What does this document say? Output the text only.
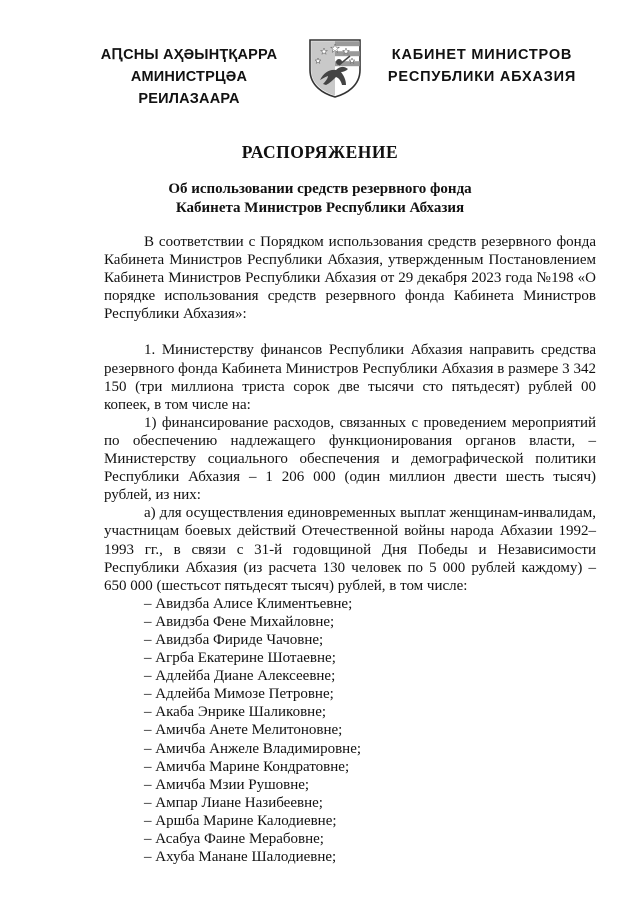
АԤСНЫ АҲӘЫНҬҚАРРА
АМИНИСТРЦӘА РЕИЛАЗААРА
КАБИНЕТ МИНИСТРОВ
РЕСПУБЛИКИ АБХАЗИЯ
РАСПОРЯЖЕНИЕ
Об использовании средств резервного фонда
Кабинета Министров Республики Абхазия

В соответствии с Порядком использования средств резервного фонда Кабинета Министров Республики Абхазия, утвержденным Постановлением Кабинета Министров Республики Абхазия от 29 декабря 2023 года №198 «О порядке использования средств резервного фонда Кабинета Министров Республики Абхазия»:

1. Министерству финансов Республики Абхазия направить средства резервного фонда Кабинета Министров Республики Абхазия в размере 3 342 150 (три миллиона триста сорок две тысячи сто пятьдесят) рублей 00 копеек, в том числе на:

1) финансирование расходов, связанных с проведением мероприятий по обеспечению надлежащего функционирования органов власти, – Министерству социального обеспечения и демографической политики Республики Абхазия – 1 206 000 (один миллион двести шесть тысяч) рублей, из них:

а) для осуществления единовременных выплат женщинам-инвалидам, участницам боевых действий Отечественной войны народа Абхазии 1992–1993 гг., в связи с 31-й годовщиной Дня Победы и Независимости Республики Абхазия (из расчета 130 человек по 5 000 рублей каждому) – 650 000 (шестьсот пятьдесят тысяч) рублей, в том числе:

– Авидзба Алисе Климентьевне;
– Авидзба Фене Михайловне;
– Авидзба Фириде Чачовне;
– Агрба Екатерине Шотаевне;
– Адлейба Диане Алексеевне;
– Адлейба Мимозе Петровне;
– Акаба Энрике Шаликовне;
– Амичба Анете Мелитоновне;
– Амичба Анжеле Владимировне;
– Амичба Марине Кондратовне;
– Амичба Мзии Рушовне;
– Ампар Лиане Назибеевне;
– Аршба Марине Калодиевне;
– Асабуа Фаине Мерабовне;
– Ахуба Манане Шалодиевне;
